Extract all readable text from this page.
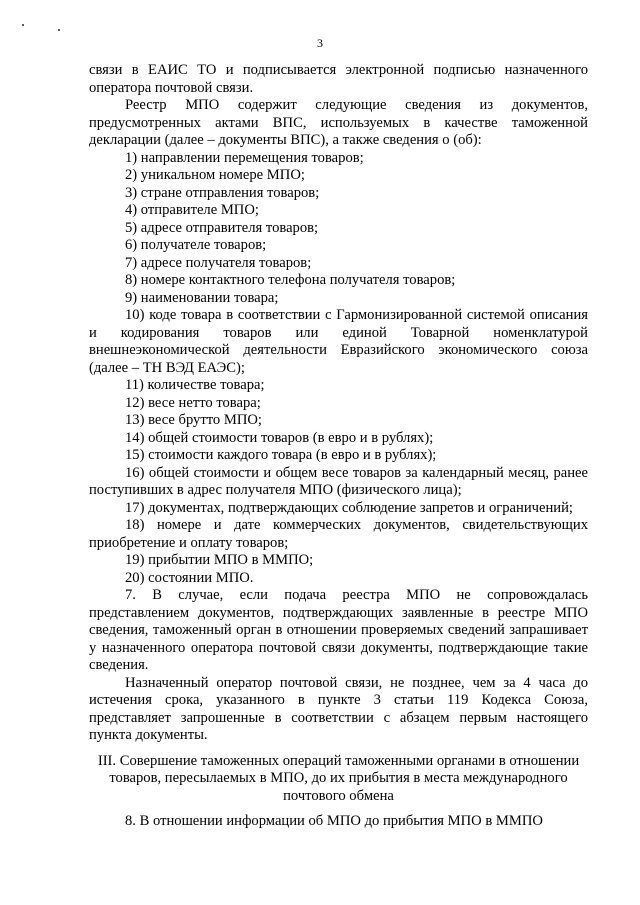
3

связи в ЕАИС ТО и подписывается электронной подписью назначенного оператора почтовой связи.

Реестр МПО содержит следующие сведения из документов, предусмотренных актами ВПС, используемых в качестве таможенной декларации (далее – документы ВПС), а также сведения о (об):

1) направлении перемещения товаров;

2) уникальном номере МПО;

3) стране отправления товаров;

4) отправителе МПО;

5) адресе отправителя товаров;

6) получателе товаров;

7) адресе получателя товаров;

8) номере контактного телефона получателя товаров;

9) наименовании товара;

10) коде товара в соответствии с Гармонизированной системой описания и кодирования товаров или единой Товарной номенклатурой внешнеэкономической деятельности Евразийского экономического союза (далее – ТН ВЭД ЕАЭС);

11) количестве товара;

12) весе нетто товара;

13) весе брутто МПО;

14) общей стоимости товаров (в евро и в рублях);

15) стоимости каждого товара (в евро и в рублях);

16) общей стоимости и общем весе товаров за календарный месяц, ранее поступивших в адрес получателя МПО (физического лица);

17) документах, подтверждающих соблюдение запретов и ограничений;

18) номере и дате коммерческих документов, свидетельствующих приобретение и оплату товаров;

19) прибытии МПО в ММПО;

20) состоянии МПО.

7. В случае, если подача реестра МПО не сопровождалась представлением документов, подтверждающих заявленные в реестре МПО сведения, таможенный орган в отношении проверяемых сведений запрашивает у назначенного оператора почтовой связи документы, подтверждающие такие сведения.

Назначенный оператор почтовой связи, не позднее, чем за 4 часа до истечения срока, указанного в пункте 3 статьи 119 Кодекса Союза, представляет запрошенные в соответствии с абзацем первым настоящего пункта документы.

III. Совершение таможенных операций таможенными органами в отношении товаров, пересылаемых в МПО, до их прибытия в места международного почтового обмена

8. В отношении информации об МПО до прибытия МПО в ММПО
